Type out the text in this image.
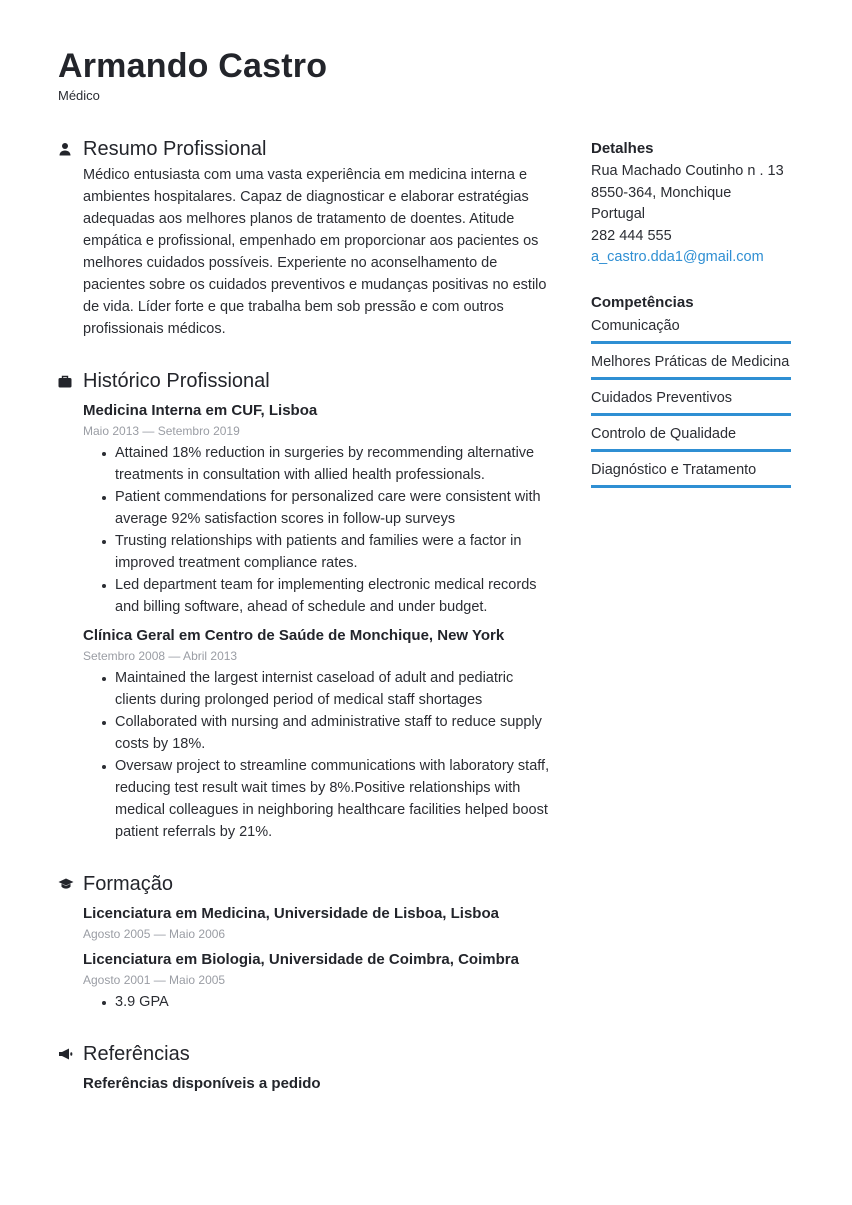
Armando Castro
Médico
Resumo Profissional
Médico entusiasta com uma vasta experiência em medicina interna e ambientes hospitalares. Capaz de diagnosticar e elaborar estratégias adequadas aos melhores planos de tratamento de doentes. Atitude empática e profissional, empenhado em proporcionar aos pacientes os melhores cuidados possíveis. Experiente no aconselhamento de pacientes sobre os cuidados preventivos e mudanças positivas no estilo de vida. Líder forte e que trabalha bem sob pressão e com outros profissionais médicos.
Histórico Profissional
Medicina Interna em CUF, Lisboa
Maio 2013 — Setembro 2019
Attained 18% reduction in surgeries by recommending alternative treatments in consultation with allied health professionals.
Patient commendations for personalized care were consistent with average 92% satisfaction scores in follow-up surveys
Trusting relationships with patients and families were a factor in improved treatment compliance rates.
Led department team for implementing electronic medical records and billing software, ahead of schedule and under budget.
Clínica Geral em Centro de Saúde de Monchique, New York
Setembro 2008 — Abril 2013
Maintained the largest internist caseload of adult and pediatric clients during prolonged period of medical staff shortages
Collaborated with nursing and administrative staff to reduce supply costs by 18%.
Oversaw project to streamline communications with laboratory staff, reducing test result wait times by 8%.Positive relationships with medical colleagues in neighboring healthcare facilities helped boost patient referrals by 21%.
Formação
Licenciatura em Medicina, Universidade de Lisboa, Lisboa
Agosto 2005 — Maio 2006
Licenciatura em Biologia, Universidade de Coimbra, Coimbra
Agosto 2001 — Maio 2005
3.9 GPA
Referências
Referências disponíveis a pedido
Detalhes
Rua Machado Coutinho n . 13
8550-364, Monchique
Portugal
282 444 555
a_castro.dda1@gmail.com
Competências
Comunicação
Melhores Práticas de Medicina
Cuidados Preventivos
Controlo de Qualidade
Diagnóstico e Tratamento
